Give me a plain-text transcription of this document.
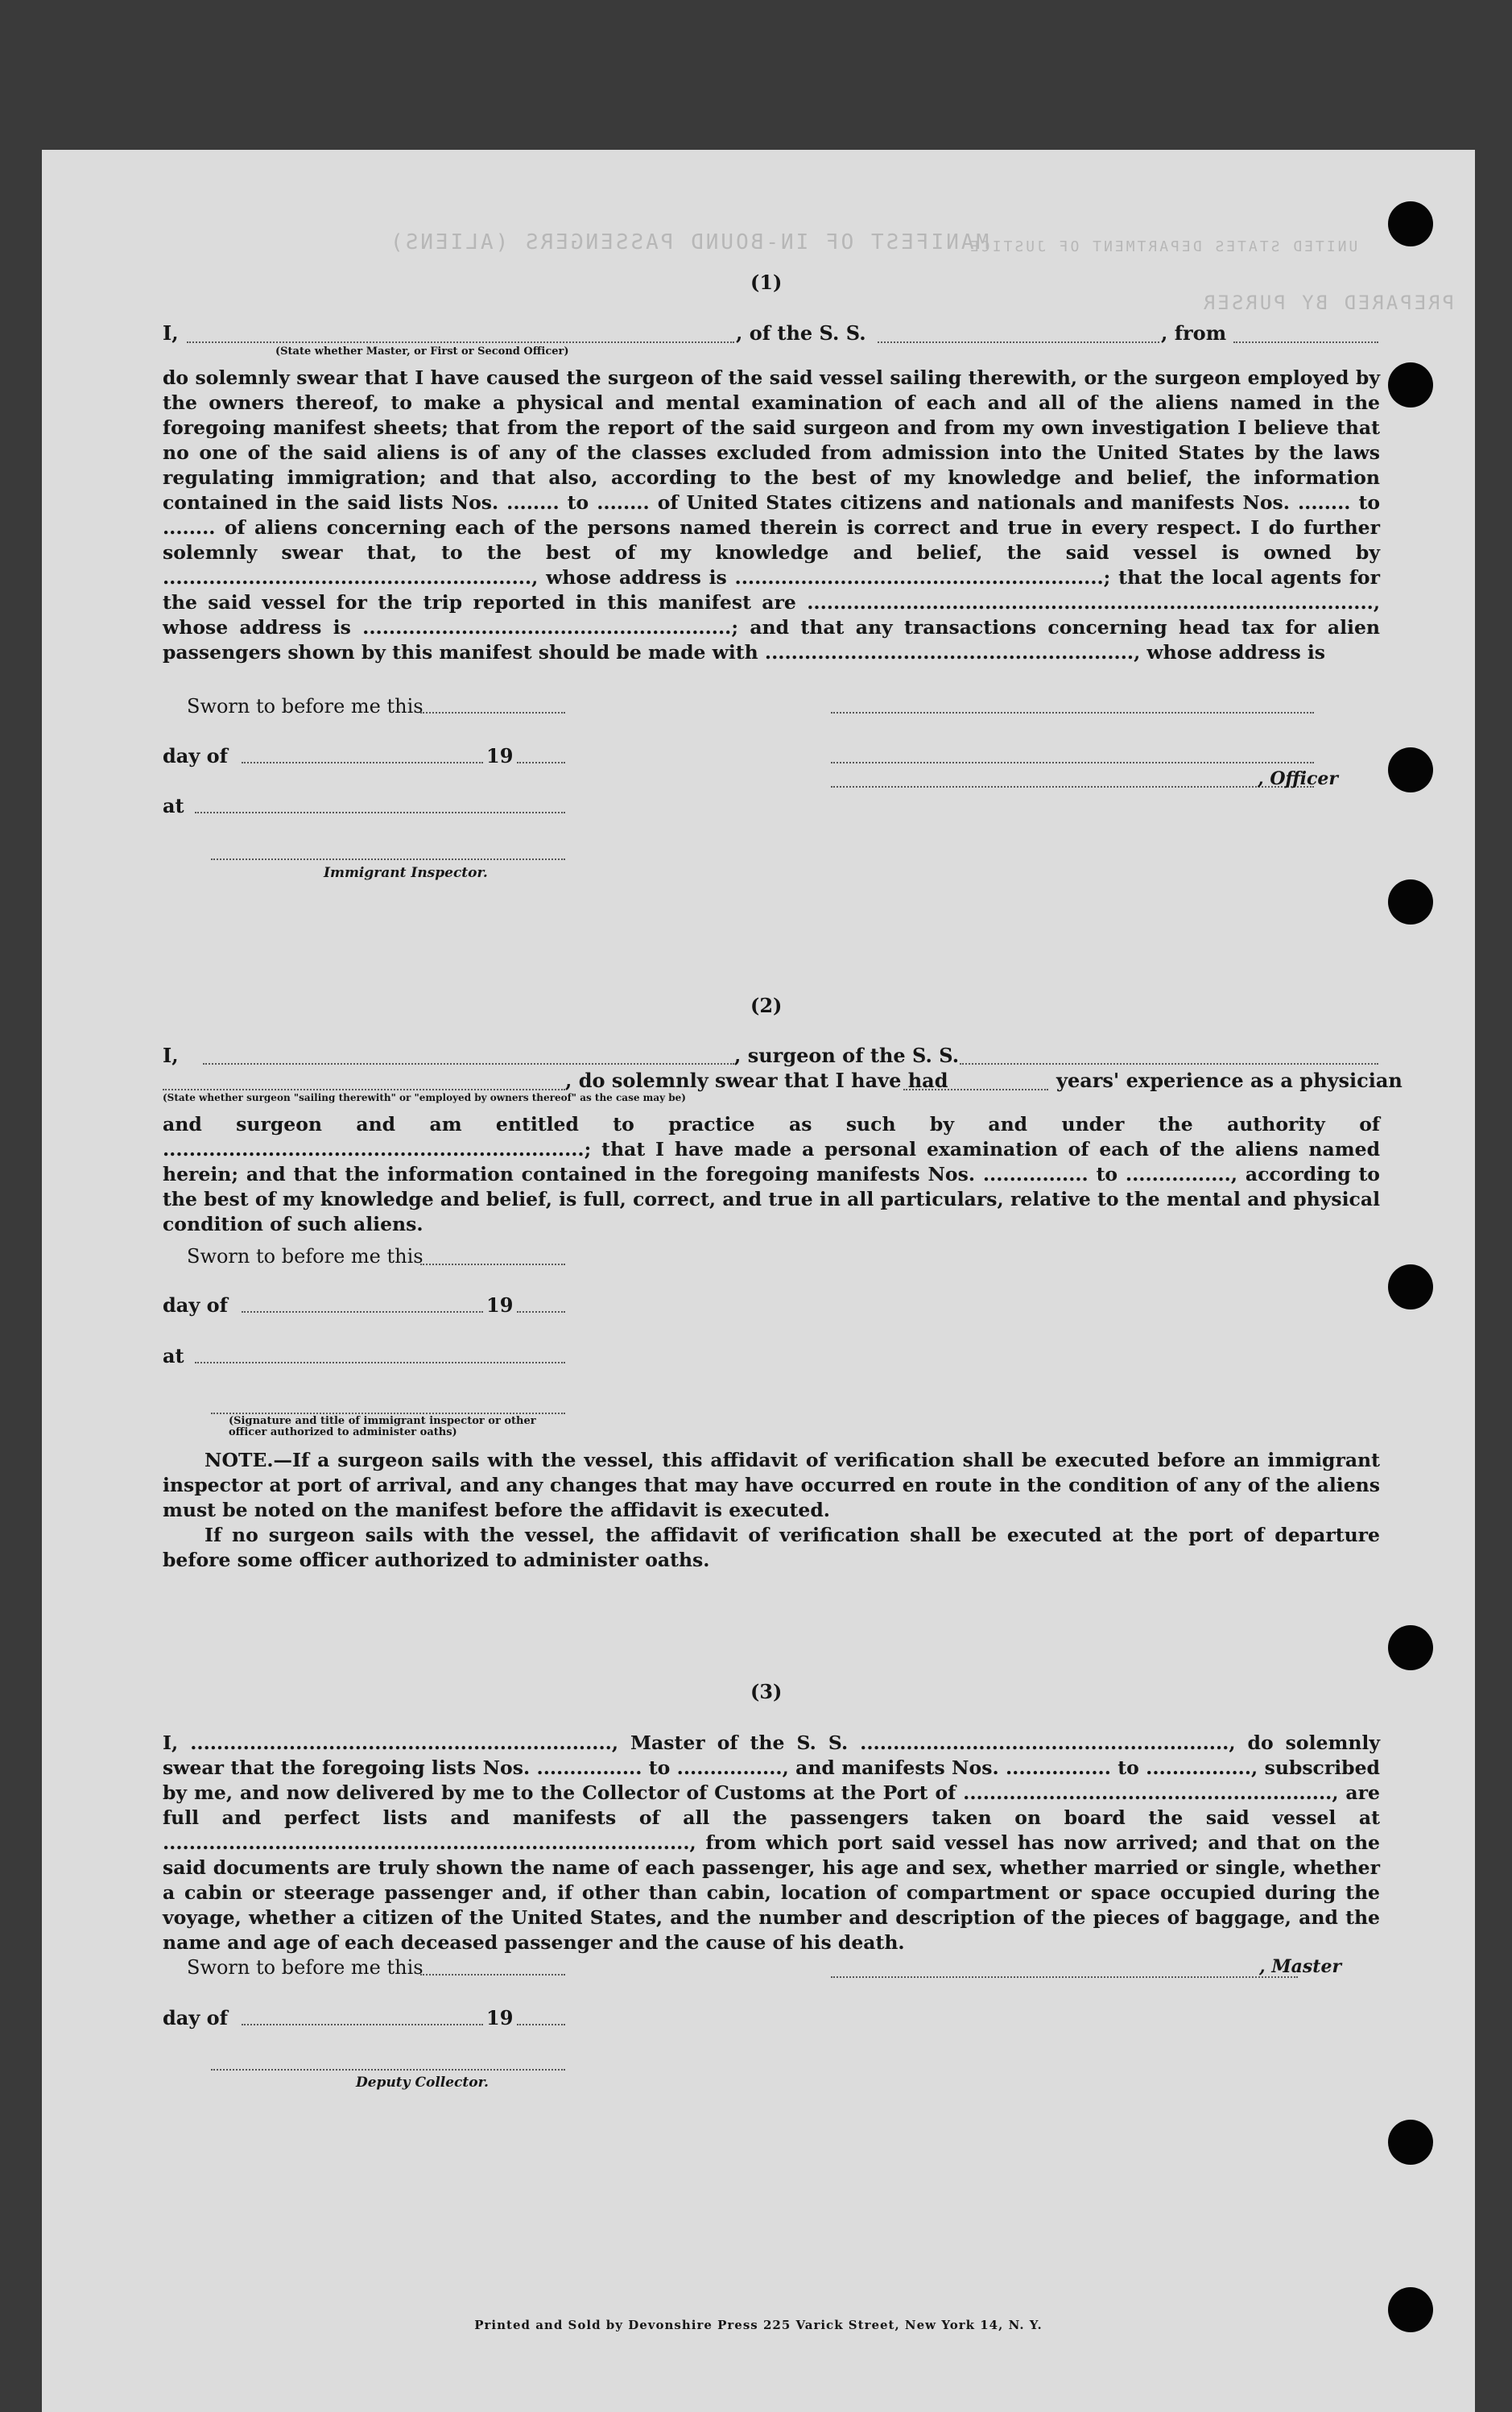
MANIFEST OF IN-BOUND PASSENGERS (ALIENS)
UNITED STATES DEPARTMENT OF JUSTICE
PREPARED BY PURSER
(1)
I,	, of the S. S.	, from
(State whether Master, or First or Second Officer)

do solemnly swear that I have caused the surgeon of the said vessel sailing therewith, or the surgeon employed by the owners thereof, to make a physical and mental examination of each and all of the aliens named in the foregoing manifest sheets; that from the report of the said surgeon and from my own investigation I believe that no one of the said aliens is of any of the classes excluded from admission into the United States by the laws regulating immigration; and that also, according to the best of my knowledge and belief, the information contained in the said lists Nos. ........ to ........ of United States citizens and nationals and manifests Nos. ........ to ........ of aliens concerning each of the persons named therein is correct and true in every respect. I do further solemnly swear that, to the best of my knowledge and belief, the said vessel is owned by ........................................................, whose address is ........................................................; that the local agents for the said vessel for the trip reported in this manifest are ......................................................................................, whose address is ........................................................; and that any transactions concerning head tax for alien passengers shown by this manifest should be made with ........................................................, whose address is

Sworn to before me this
day of	19
at
Immigrant Inspector.
, Officer
(2)
I,	, surgeon of the S. S.
, do solemnly swear that I have had	years' experience as a physician
(State whether surgeon "sailing therewith" or "employed by owners thereof" as the case may be)

and surgeon and am entitled to practice as such by and under the authority of ................................................................; that I have made a personal examination of each of the aliens named herein; and that the information contained in the foregoing manifests Nos. ................ to ................, according to the best of my knowledge and belief, is full, correct, and true in all particulars, relative to the mental and physical condition of such aliens.

Sworn to before me this
day of	19
at
(Signature and title of immigrant inspector or other officer authorized to administer oaths)

NOTE.—If a surgeon sails with the vessel, this affidavit of verification shall be executed before an immigrant inspector at port of arrival, and any changes that may have occurred en route in the condition of any of the aliens must be noted on the manifest before the affidavit is executed.

If no surgeon sails with the vessel, the affidavit of verification shall be executed at the port of departure before some officer authorized to administer oaths.

(3)

I, ................................................................, Master of the S. S. ........................................................, do solemnly swear that the foregoing lists Nos. ................ to ................, and manifests Nos. ................ to ................, subscribed by me, and now delivered by me to the Collector of Customs at the Port of ........................................................, are full and perfect lists and manifests of all the passengers taken on board the said vessel at ................................................................................, from which port said vessel has now arrived; and that on the said documents are truly shown the name of each passenger, his age and sex, whether married or single, whether a cabin or steerage passenger and, if other than cabin, location of compartment or space occupied during the voyage, whether a citizen of the United States, and the number and description of the pieces of baggage, and the name and age of each deceased passenger and the cause of his death.

Sworn to before me this
day of	19
Deputy Collector.
, Master
Printed and Sold by Devonshire Press 225 Varick Street, New York 14, N. Y.
